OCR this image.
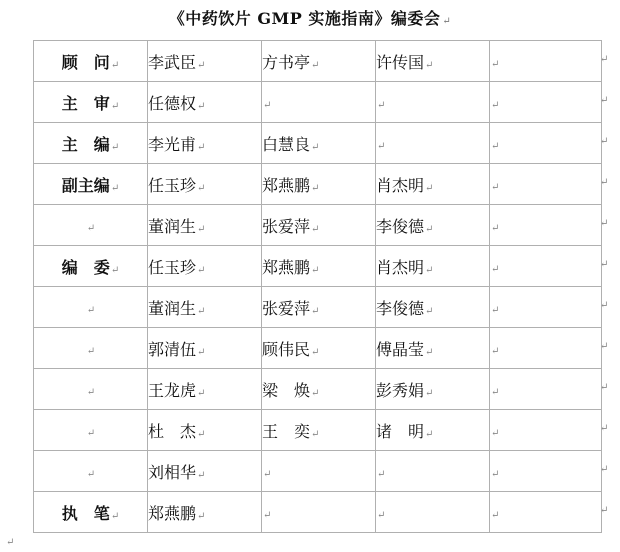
《中药饮片 GMP 实施指南》编委会 ↵
顾　问↵	李武臣↵	方书亭↵	许传国↵	↵
主　审↵	任德权↵	↵	↵	↵
主　编↵	李光甫↵	白慧良↵	↵	↵
副主编↵	任玉珍↵	郑燕鹏↵	肖杰明↵	↵
↵	董润生↵	张爱萍↵	李俊德↵	↵
编　委↵	任玉珍↵	郑燕鹏↵	肖杰明↵	↵
↵	董润生↵	张爱萍↵	李俊德↵	↵
↵	郭清伍↵	顾伟民↵	傅晶莹↵	↵
↵	王龙虎↵	梁　焕↵	彭秀娟↵	↵
↵	杜　杰↵	王　奕↵	诸　明↵	↵
↵	刘相华↵	↵	↵	↵
执　笔↵	郑燕鹏↵	↵	↵	↵
↵
↵
↵
↵
↵
↵
↵
↵
↵
↵
↵
↵
↵
